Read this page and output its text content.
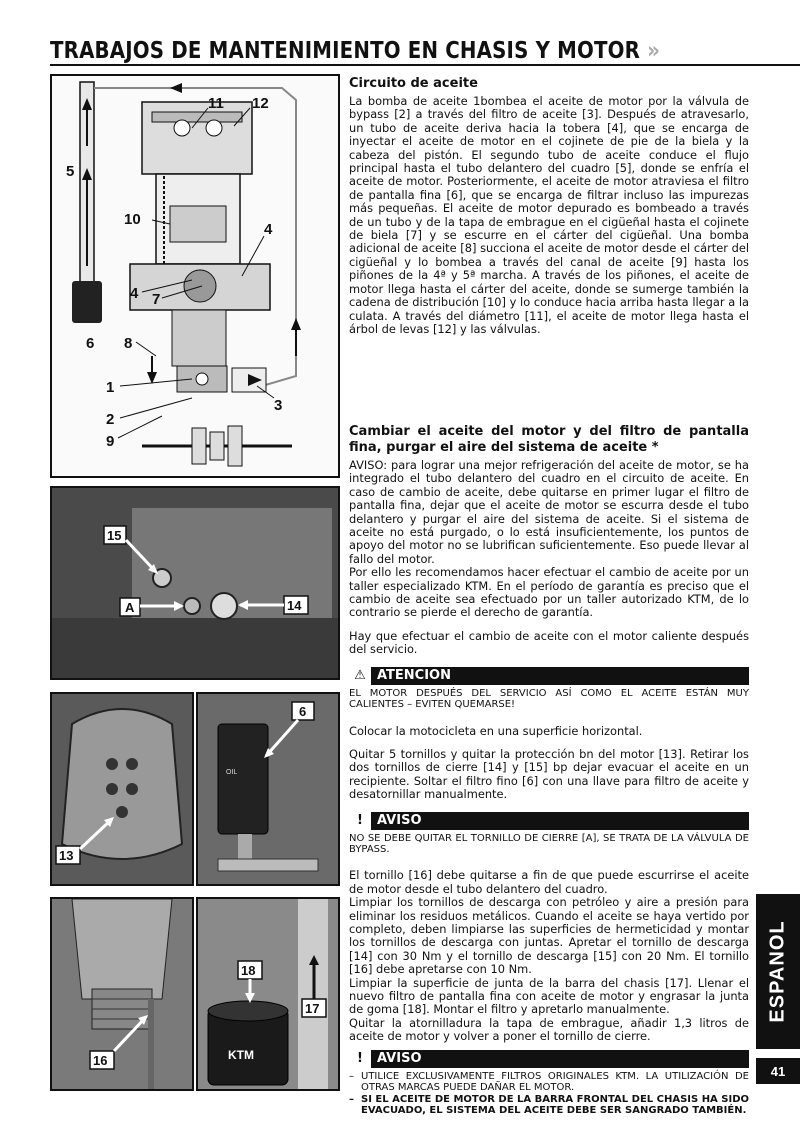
TRABAJOS DE MANTENIMIENTO EN CHASIS Y MOTOR »
11 12
5
10
4
4 7
6 8
1
2
3
9
15
A	14
13
OIL
6
16	KTM
18
17
Circuito de aceite

La bomba de aceite 1bombea el aceite de motor por la válvula de bypass [2] a través del filtro de aceite [3]. Después de atravesarlo, un tubo de aceite deriva hacia la tobera [4], que se encarga de inyectar el aceite de motor en el cojinete de pie de la biela y la cabeza del pistón. El segundo tubo de aceite conduce el flujo principal hasta el tubo delantero del cuadro [5], donde se enfría el aceite de motor. Posteriormente, el aceite de motor atraviesa el filtro de pantalla fina [6], que se encarga de filtrar incluso las impurezas más pequeñas. El aceite de motor depurado es bombeado a través de un tubo y de la tapa de embrague en el cigüeñal hasta el cojinete de biela [7] y se escurre en el cárter del cigüeñal. Una bomba adicional de aceite [8] succiona el aceite de motor desde el cárter del cigüeñal y lo bombea a través del canal de aceite [9] hasta los piñones de la 4ª y 5ª marcha. A través de los piñones, el aceite de motor llega hasta el cárter del aceite, donde se sumerge también la cadena de distribución [10] y lo conduce hacia arriba hasta llegar a la culata. A través del diámetro [11], el aceite de motor llega hasta el árbol de levas [12] y las válvulas.

Cambiar el aceite del motor y del filtro de pantalla fina, purgar el aire del sistema de aceite *

AVISO: para lograr una mejor refrigeración del aceite de motor, se ha integrado el tubo delantero del cuadro en el circuito de aceite. En caso de cambio de aceite, debe quitarse en primer lugar el filtro de pantalla fina, dejar que el aceite de motor se escurra desde el tubo delantero y purgar el aire del sistema de aceite. Si el sistema de aceite no está purgado, o lo está insuficientemente, los puntos de apoyo del motor no se lubrifican suficientemente. Eso puede llevar al fallo del motor.

Por ello les recomendamos hacer efectuar el cambio de aceite por un taller especializado KTM. En el período de garantía es preciso que el cambio de aceite sea efectuado por un taller autorizado KTM, de lo contrario se pierde el derecho de garantía.

Hay que efectuar el cambio de aceite con el motor caliente después del servicio.

⚠ ATENCION
EL MOTOR DESPUÉS DEL SERVICIO ASÍ COMO EL ACEITE ESTÁN MUY CALIENTES – EVITEN QUEMARSE!

Colocar la motocicleta en una superficie horizontal.

Quitar 5 tornillos y quitar la protección bn del motor [13]. Retirar los dos tornillos de cierre [14] y [15] bp dejar evacuar el aceite en un recipiente. Soltar el filtro fino [6] con una llave para filtro de aceite y desatornillar manualmente.

!	AVISO
NO SE DEBE QUITAR EL TORNILLO DE CIERRE [A], SE TRATA DE LA VÁLVULA DE BYPASS.

El tornillo [16] debe quitarse a fin de que puede escurrirse el aceite de motor desde el tubo delantero del cuadro.

Limpiar los tornillos de descarga con petróleo y aire a presión para eliminar los residuos metálicos. Cuando el aceite se haya vertido por completo, deben limpiarse las superficies de hermeticidad y montar los tornillos de descarga con juntas. Apretar el tornillo de descarga [14] con 30 Nm y el tornillo de descarga [15] con 20 Nm. El tornillo [16] debe apretarse con 10 Nm.

Limpiar la superficie de junta de la barra del chasis [17]. Llenar el nuevo filtro de pantalla fina con aceite de motor y engrasar la junta de goma [18]. Montar el filtro y apretarlo manualmente.

Quitar la atornilladura la tapa de embrague, añadir 1,3 litros de aceite de motor y volver a poner el tornillo de cierre.

!	AVISO
– UTILICE EXCLUSIVAMENTE FILTROS ORIGINALES KTM. LA UTILIZACIÓN DE OTRAS MARCAS PUEDE DAÑAR EL MOTOR.
– SI EL ACEITE DE MOTOR DE LA BARRA FRONTAL DEL CHASIS HA SIDO EVACUADO, EL SISTEMA DEL ACEITE DEBE SER SANGRADO TAMBIÉN.
ESPANOL
41
